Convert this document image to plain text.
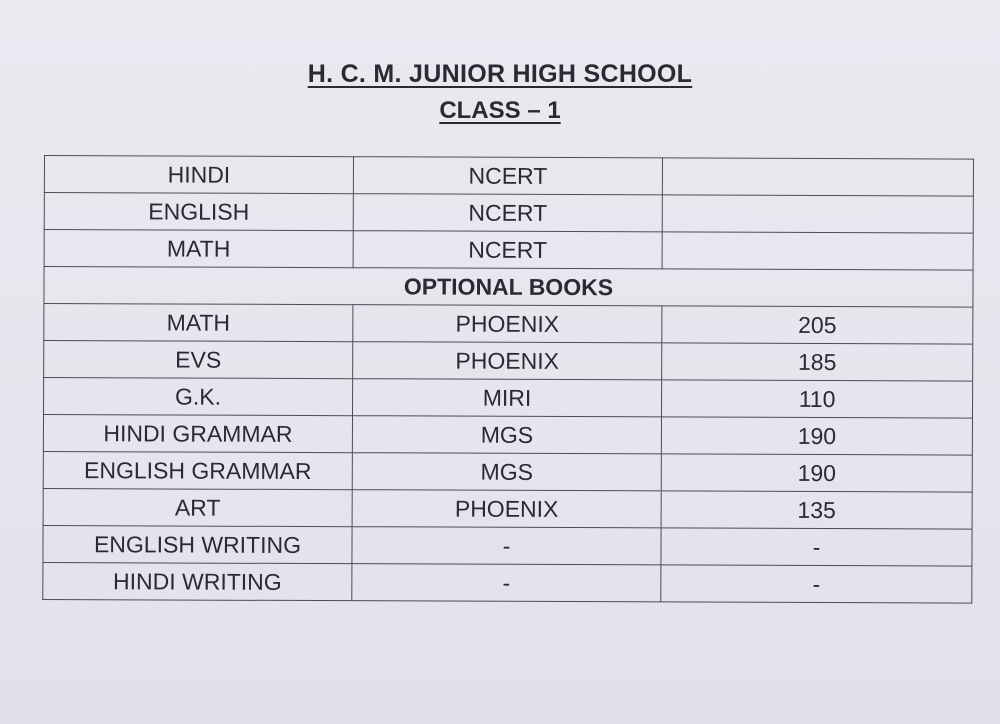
H. C. M. JUNIOR HIGH SCHOOL
CLASS – 1
HINDI	NCERT	
ENGLISH	NCERT	
MATH	NCERT	
OPTIONAL BOOKS		
MATH	PHOENIX	205
EVS	PHOENIX	185
G.K.	MIRI	110
HINDI GRAMMAR	MGS	190
ENGLISH GRAMMAR	MGS	190
ART	PHOENIX	135
ENGLISH WRITING	-	-
HINDI WRITING	-	-
